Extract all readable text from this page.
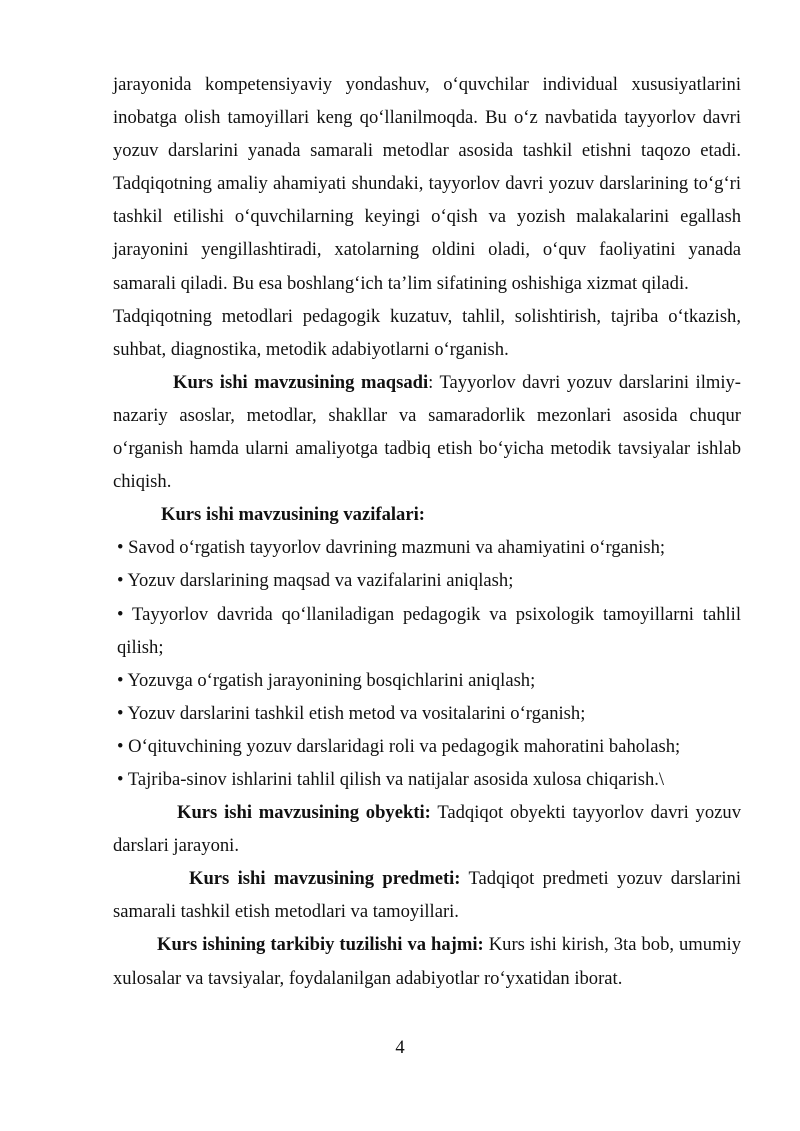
jarayonida kompetensiyaviy yondashuv, o‘quvchilar individual xususiyatlarini inobatga olish tamoyillari keng qo‘llanilmoqda. Bu o‘z navbatida tayyorlov davri yozuv darslarini yanada samarali metodlar asosida tashkil etishni taqozo etadi. Tadqiqotning amaliy ahamiyati shundaki, tayyorlov davri yozuv darslarining to‘g‘ri tashkil etilishi o‘quvchilarning keyingi o‘qish va yozish malakalarini egallash jarayonini yengillashtiradi, xatolarning oldini oladi, o‘quv faoliyatini yanada samarali qiladi. Bu esa boshlang‘ich ta’lim sifatining oshishiga xizmat qiladi.

Tadqiqotning metodlari pedagogik kuzatuv, tahlil, solishtirish, tajriba o‘tkazish, suhbat, diagnostika, metodik adabiyotlarni o‘rganish.

Kurs ishi mavzusining maqsadi: Tayyorlov davri yozuv darslarini ilmiy-nazariy asoslar, metodlar, shakllar va samaradorlik mezonlari asosida chuqur o‘rganish hamda ularni amaliyotga tadbiq etish bo‘yicha metodik tavsiyalar ishlab chiqish.

Kurs ishi mavzusining vazifalari:

• Savod o‘rgatish tayyorlov davrining mazmuni va ahamiyatini o‘rganish;

• Yozuv darslarining maqsad va vazifalarini aniqlash;

• Tayyorlov davrida qo‘llaniladigan pedagogik va psixologik tamoyillarni tahlil qilish;

• Yozuvga o‘rgatish jarayonining bosqichlarini aniqlash;

• Yozuv darslarini tashkil etish metod va vositalarini o‘rganish;

• O‘qituvchining yozuv darslaridagi roli va pedagogik mahoratini baholash;

• Tajriba-sinov ishlarini tahlil qilish va natijalar asosida xulosa chiqarish.\

Kurs ishi mavzusining obyekti: Tadqiqot obyekti tayyorlov davri yozuv darslari jarayoni.

Kurs ishi mavzusining predmeti: Tadqiqot predmeti yozuv darslarini samarali tashkil etish metodlari va tamoyillari.

Kurs ishining tarkibiy tuzilishi va hajmi: Kurs ishi kirish, 3ta bob, umumiy xulosalar va tavsiyalar, foydalanilgan adabiyotlar ro‘yxatidan iborat.

4
